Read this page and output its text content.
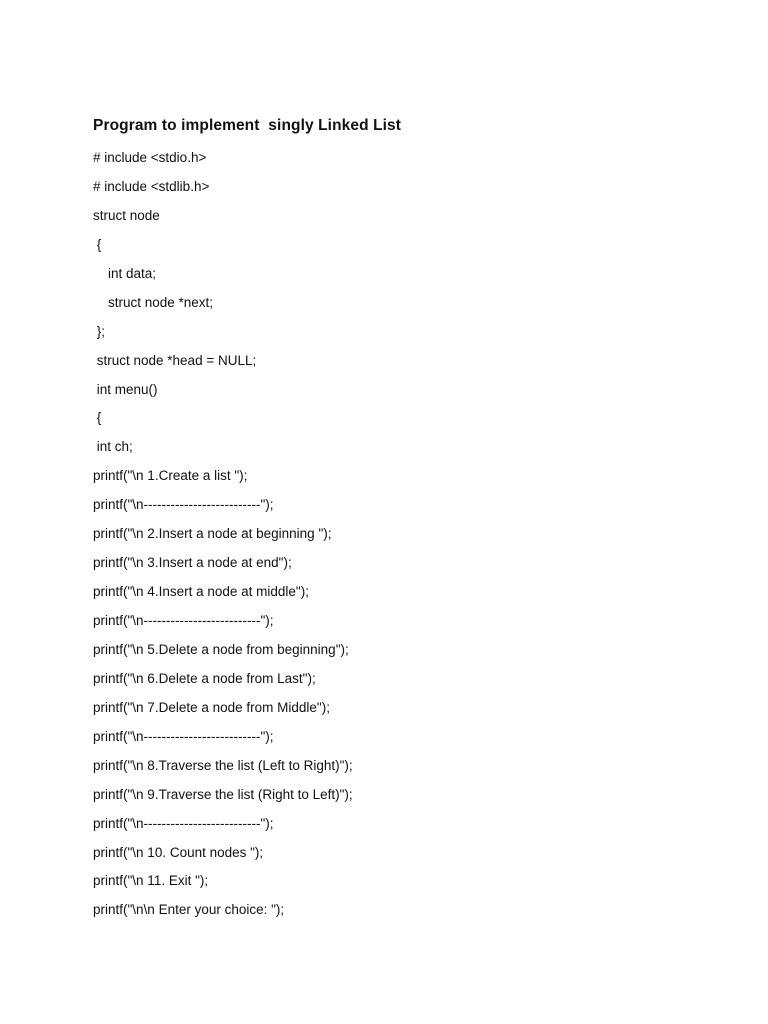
Program to implement  singly Linked List
# include <stdio.h>
# include <stdlib.h>
struct node
{
int data;
struct node *next;
};
struct node *head = NULL;
int menu()
{
int ch;
printf("\n 1.Create a list ");
printf("\n--------------------------");
printf("\n 2.Insert a node at beginning ");
printf("\n 3.Insert a node at end");
printf("\n 4.Insert a node at middle");
printf("\n--------------------------");
printf("\n 5.Delete a node from beginning");
printf("\n 6.Delete a node from Last");
printf("\n 7.Delete a node from Middle");
printf("\n--------------------------");
printf("\n 8.Traverse the list (Left to Right)");
printf("\n 9.Traverse the list (Right to Left)");
printf("\n--------------------------");
printf("\n 10. Count nodes ");
printf("\n 11. Exit ");
printf("\n\n Enter your choice: ");
